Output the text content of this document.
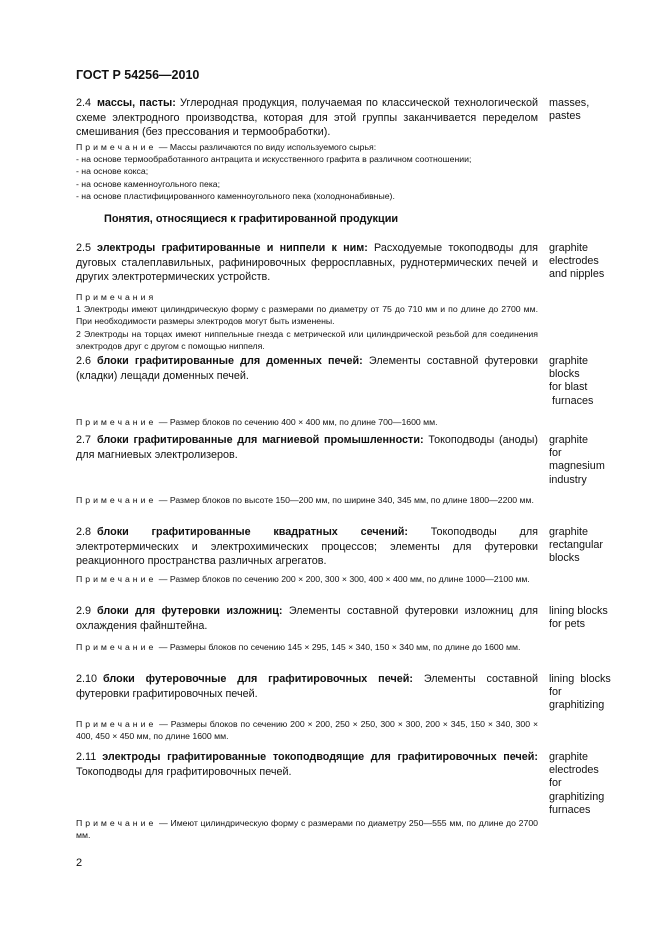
ГОСТ Р 54256—2010
2.4 массы, пасты: Углеродная продукция, получаемая по классической технологической схеме электродного производства, которая для этой группы заканчивается переделом смешивания (без прессования и термообработки).
masses,
pastes
Примечание — Массы различаются по виду используемого сырья:
- на основе термообработанного антрацита и искусственного графита в различном соотношении;
- на основе кокса;
- на основе каменноугольного пека;
- на основе пластифицированного каменноугольного пека (холоднонабивные).
Понятия, относящиеся к графитированной продукции
2.5 электроды графитированные и ниппели к ним: Расходуемые токоподводы для дуговых сталеплавильных, рафинировочных ферросплавных, руднотермических печей и других электротермических устройств.
graphite
electrodes
and nipples
Примечания
1 Электроды имеют цилиндрическую форму с размерами по диаметру от 75 до 710 мм и по длине до 2700 мм. При необходимости размеры электродов могут быть изменены.
2 Электроды на торцах имеют ниппельные гнезда с метрической или цилиндрической резьбой для соединения электродов друг с другом с помощью ниппеля.
2.6 блоки графитированные для доменных печей: Элементы составной футеровки (кладки) лещади доменных печей.
graphite
blocks
for blast
furnaces
Примечание — Размер блоков по сечению 400 × 400 мм, по длине 700—1600 мм.
2.7 блоки графитированные для магниевой промышленности: Токоподводы (аноды) для магниевых электролизеров.
graphite
for
magnesium
industry
Примечание — Размер блоков по высоте 150—200 мм, по ширине 340, 345 мм, по длине 1800—2200 мм.
2.8 блоки графитированные квадратных сечений: Токоподводы для электротермических и электрохимических процессов; элементы для футеровки реакционного пространства различных агрегатов.
graphite
rectangular
blocks
Примечание — Размер блоков по сечению 200 × 200, 300 × 300, 400 × 400 мм, по длине 1000—2100 мм.
2.9 блоки для футеровки изложниц: Элементы составной футеровки изложниц для охлаждения файнштейна.
lining blocks
for pets
Примечание — Размеры блоков по сечению 145 × 295, 145 × 340, 150 × 340 мм, по длине до 1600 мм.
2.10 блоки футеровочные для графитировочных печей: Элементы составной футеровки графитировочных печей.
lining  blocks
for
graphitizing
Примечание — Размеры блоков по сечению 200 × 200, 250 × 250, 300 × 300, 200 × 345, 150 × 340, 300 × 400, 450 × 450 мм, по длине 1600 мм.
2.11 электроды графитированные токоподводящие для графитировочных печей: Токоподводы для графитировочных печей.
graphite
electrodes
for
graphitizing
furnaces
Примечание — Имеют цилиндрическую форму с размерами по диаметру 250—555 мм, по длине до 2700 мм.
2
